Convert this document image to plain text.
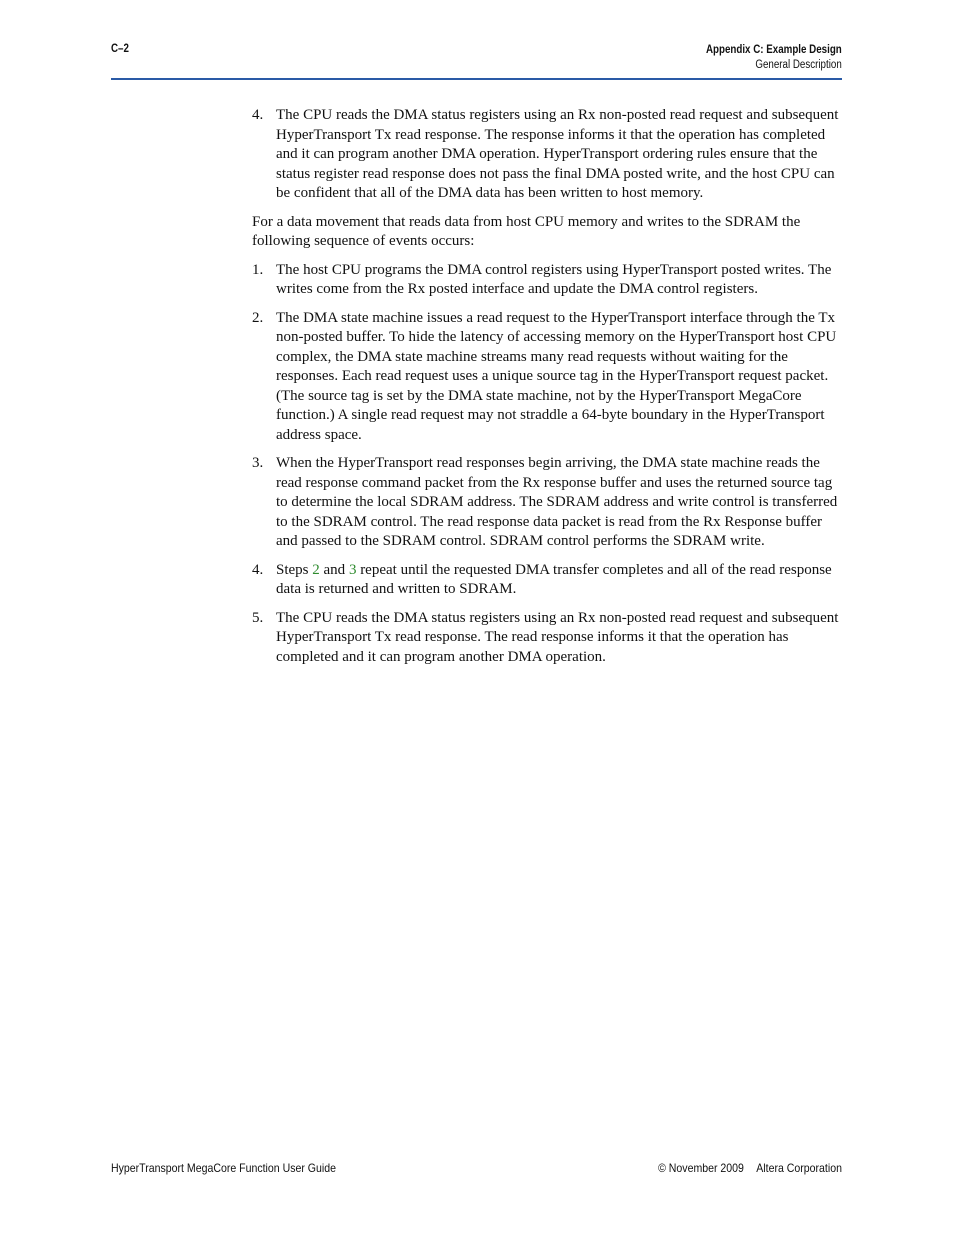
C–2	Appendix C: Example Design
General Description
4. The CPU reads the DMA status registers using an Rx non-posted read request and subsequent HyperTransport Tx read response. The response informs it that the operation has completed and it can program another DMA operation. HyperTransport ordering rules ensure that the status register read response does not pass the final DMA posted write, and the host CPU can be confident that all of the DMA data has been written to host memory.

For a data movement that reads data from host CPU memory and writes to the SDRAM the following sequence of events occurs:

1. The host CPU programs the DMA control registers using HyperTransport posted writes. The writes come from the Rx posted interface and update the DMA control registers.
2. The DMA state machine issues a read request to the HyperTransport interface through the Tx non-posted buffer. To hide the latency of accessing memory on the HyperTransport host CPU complex, the DMA state machine streams many read requests without waiting for the responses. Each read request uses a unique source tag in the HyperTransport request packet. (The source tag is set by the DMA state machine, not by the HyperTransport MegaCore function.) A single read request may not straddle a 64-byte boundary in the HyperTransport address space.
3. When the HyperTransport read responses begin arriving, the DMA state machine reads the read response command packet from the Rx response buffer and uses the returned source tag to determine the local SDRAM address. The SDRAM address and write control is transferred to the SDRAM control. The read response data packet is read from the Rx Response buffer and passed to the SDRAM control. SDRAM control performs the SDRAM write.
4. Steps 2 and 3 repeat until the requested DMA transfer completes and all of the read response data is returned and written to SDRAM.
5. The CPU reads the DMA status registers using an Rx non-posted read request and subsequent HyperTransport Tx read response. The read response informs it that the operation has completed and it can program another DMA operation.
HyperTransport MegaCore Function User Guide	© November 2009 Altera Corporation
